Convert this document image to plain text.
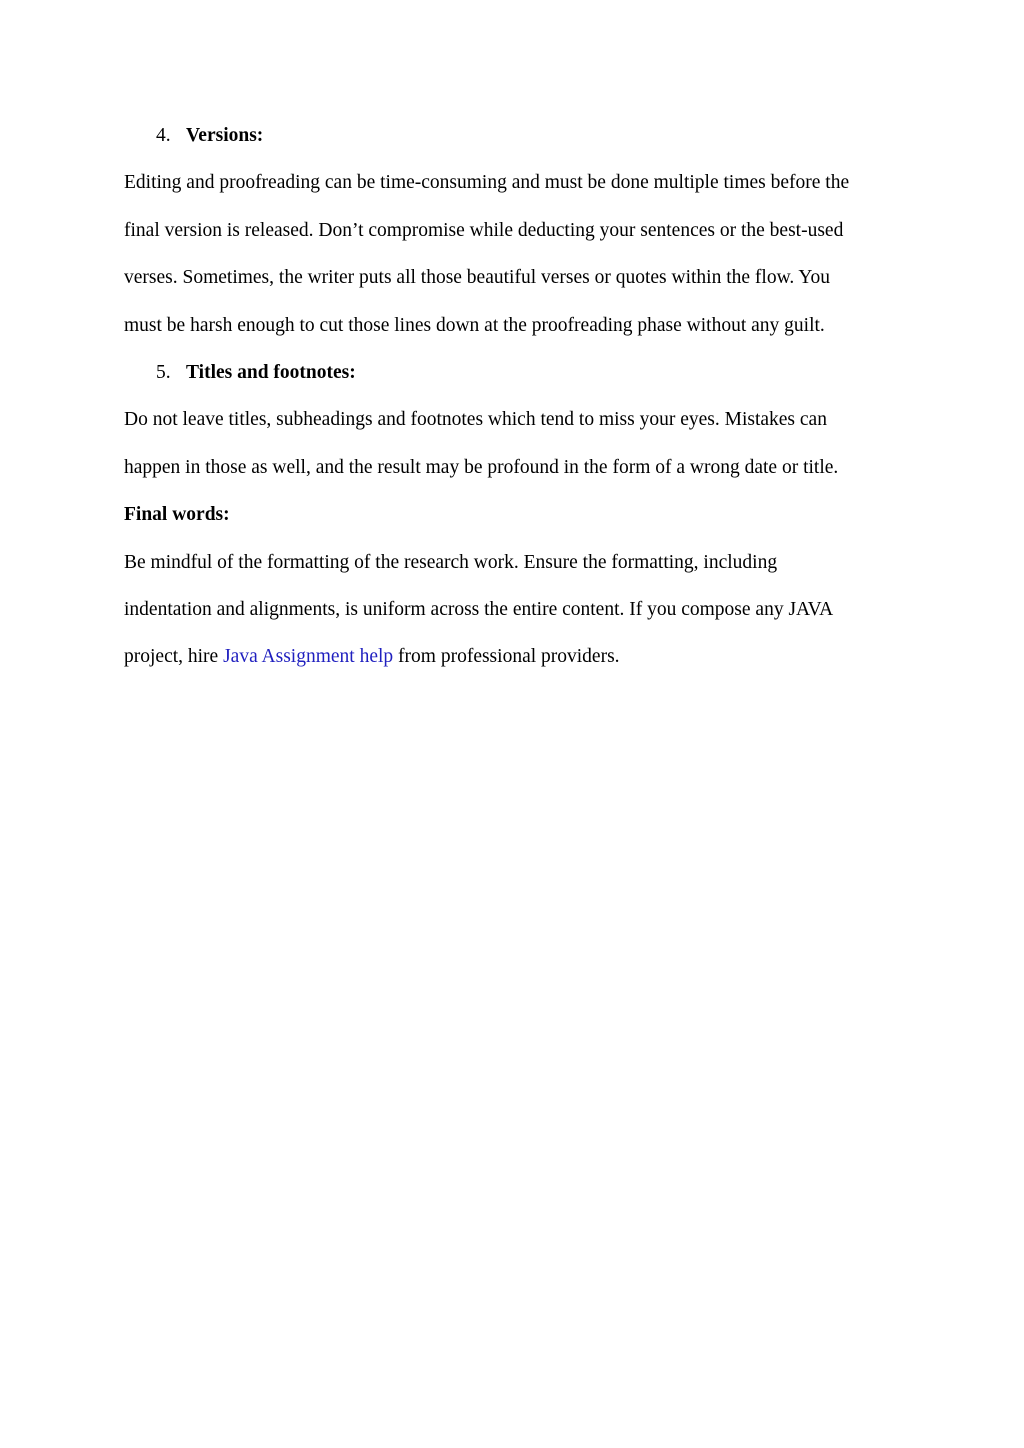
4. Versions:
Editing and proofreading can be time-consuming and must be done multiple times before the
final version is released. Don’t compromise while deducting your sentences or the best-used
verses. Sometimes, the writer puts all those beautiful verses or quotes within the flow. You
must be harsh enough to cut those lines down at the proofreading phase without any guilt.
5. Titles and footnotes:
Do not leave titles, subheadings and footnotes which tend to miss your eyes. Mistakes can
happen in those as well, and the result may be profound in the form of a wrong date or title.
Final words:
Be mindful of the formatting of the research work. Ensure the formatting, including
indentation and alignments, is uniform across the entire content. If you compose any JAVA
project, hire Java Assignment help from professional providers.
